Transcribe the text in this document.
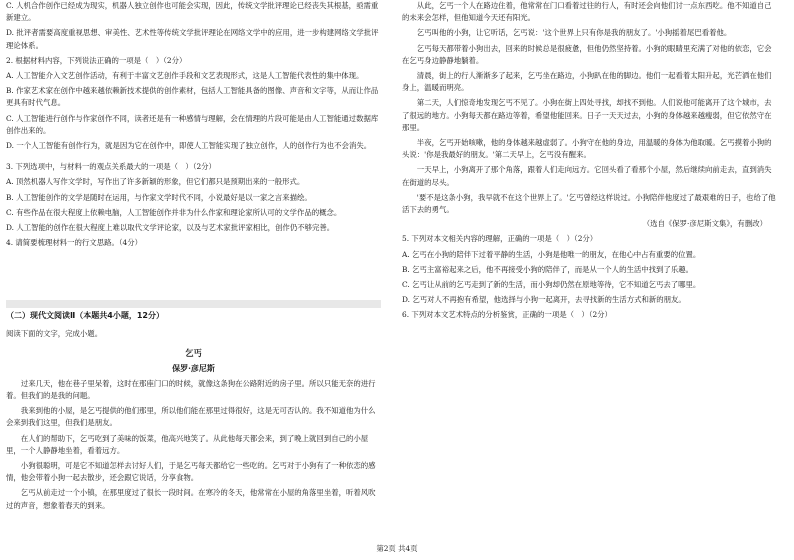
C. 人机合作创作已经成为现实，机器人独立创作也可能会实现，因此，传统文学批评理论已经丧失其根基，亟需重新建立。

D. 批评者需要高度重视思想、审美性、艺术性等传统文学批评理论在网络文学中的应用，进一步构建网络文学批评理论体系。

2. 根据材料内容，下列说法正确的一项是（　）（2分）

A. 人工智能介入文艺创作活动，有利于丰富文艺创作手段和文艺表现形式，这是人工智能代表性的集中体现。

B. 作家艺术家在创作中越来越依赖新技术提供的创作素材，包括人工智能具备的图像、声音和文字等，从而让作品更具有时代气息。

C. 人工智能进行创作与作家创作不同，读者还是有一种感情与理解，会在情理的片段可能是由人工智能通过数据库创作出来的。

D. 一个人工智能有创作行为，就是因为它在创作中，即使人工智能实现了独立创作，人的创作行为也不会消失。

3. 下列选项中，与材料一的观点关系最大的一项是（　）（2分）

A. 顶然机器人写作文学时，写作出了许多新颖的形象，但它们都只是预期出来的一般形式。

B. 人工智能创作的文学是随时在运用，与作家文学时代不同，小说最好是以一家之言来描绘。

C. 有些作品在很大程度上依赖电脑，人工智能创作并非为什么作家和理论家所认可的文学作品的概念。

D. 人工智能的创作在很大程度上难以取代文学评论家，以及与艺术家批评家相比，创作仍不够完善。

4. 请简要梳理材料一的行文思路。（4分）

（二）现代文阅读Ⅱ（本题共4小题，12分）

阅读下面的文字，完成小题。

乞丐

保罗·彦尼斯

过来几天，他在巷子里呆着，这时在那座门口的时候，就像这条狗在公路附近的房子里。所以只能无奈的进行着。但我们的是我的问题。

我来到他的小屋，是乞丐提供的他们那里，所以他们能在那里过得很好，这是无可否认的。我不知道他为什么会来到我们这里，但我们是朋友。

在人们的帮助下，乞丐吃到了美味的饭菜，他高兴地笑了。从此他每天都会来，到了晚上就回到自己的小屋里，一个人静静地坐着，看着远方。

小狗很聪明，可是它不知道怎样去讨好人们，于是乞丐每天都给它一些吃的。乞丐对于小狗有了一种依恋的感情，他会带着小狗一起去散步，还会跟它说话，分享食物。

乞丐从前走过一个小镇，在那里度过了很长一段时间。在寒冷的冬天，他常常在小屋的角落里坐着，听着风吹过的声音，想象着春天的到来。

从此，乞丐一个人在路边住着，他常常在门口看着过往的行人，有时还会向他们讨一点东西吃。他不知道自己的未来会怎样，但他知道今天还有阳光。

乞丐叫他的小狗，让它听话，乞丐说：'这个世界上只有你是我的朋友了。'小狗摇着尾巴看着他。

乞丐每天都带着小狗出去，回来的时候总是很疲惫，但他仍然坚持着。小狗的眼睛里充满了对他的依恋，它会在乞丐身边静静地躺着。

清晨，街上的行人渐渐多了起来，乞丐坐在路边，小狗趴在他的脚边。他们一起看着太阳升起，光芒洒在他们身上，温暖而明亮。

第二天，人们惊奇地发现乞丐不见了。小狗在街上四处寻找，却找不到他。人们说他可能离开了这个城市，去了很远的地方。小狗每天都在路边等着，希望他能回来。日子一天天过去，小狗的身体越来越瘦弱，但它依然守在那里。

半夜，乞丐开始咳嗽，他的身体越来越虚弱了。小狗守在他的身边，用温暖的身体为他取暖。乞丐摸着小狗的头说：'你是我最好的朋友。'第二天早上，乞丐没有醒来。

一天早上，小狗离开了那个角落，跟着人们走向远方。它回头看了看那个小屋，然后继续向前走去，直到消失在街道的尽头。

'要不是这条小狗，我早就不在这个世界上了。'乞丐曾经这样说过。小狗陪伴他度过了最艰难的日子，也给了他活下去的勇气。

（选自《保罗·彦尼斯文集》，有删改）

5. 下列对本文相关内容的理解，正确的一项是（　）（2分）

A. 乞丐在小狗的陪伴下过着平静的生活，小狗是他唯一的朋友，在他心中占有重要的位置。

B. 乞丐主富裕起来之后，他不再接受小狗的陪伴了，而是从一个人的生活中找到了乐趣。

C. 乞丐让从前的乞丐走到了新的生活，而小狗却仍然在原地等待，它不知道乞丐去了哪里。

D. 乞丐对人不再抱有希望，他选择与小狗一起离开，去寻找新的生活方式和新的朋友。

6. 下列对本文艺术特点的分析鉴赏，正确的一项是（　）（2分）

第2页 共4页
